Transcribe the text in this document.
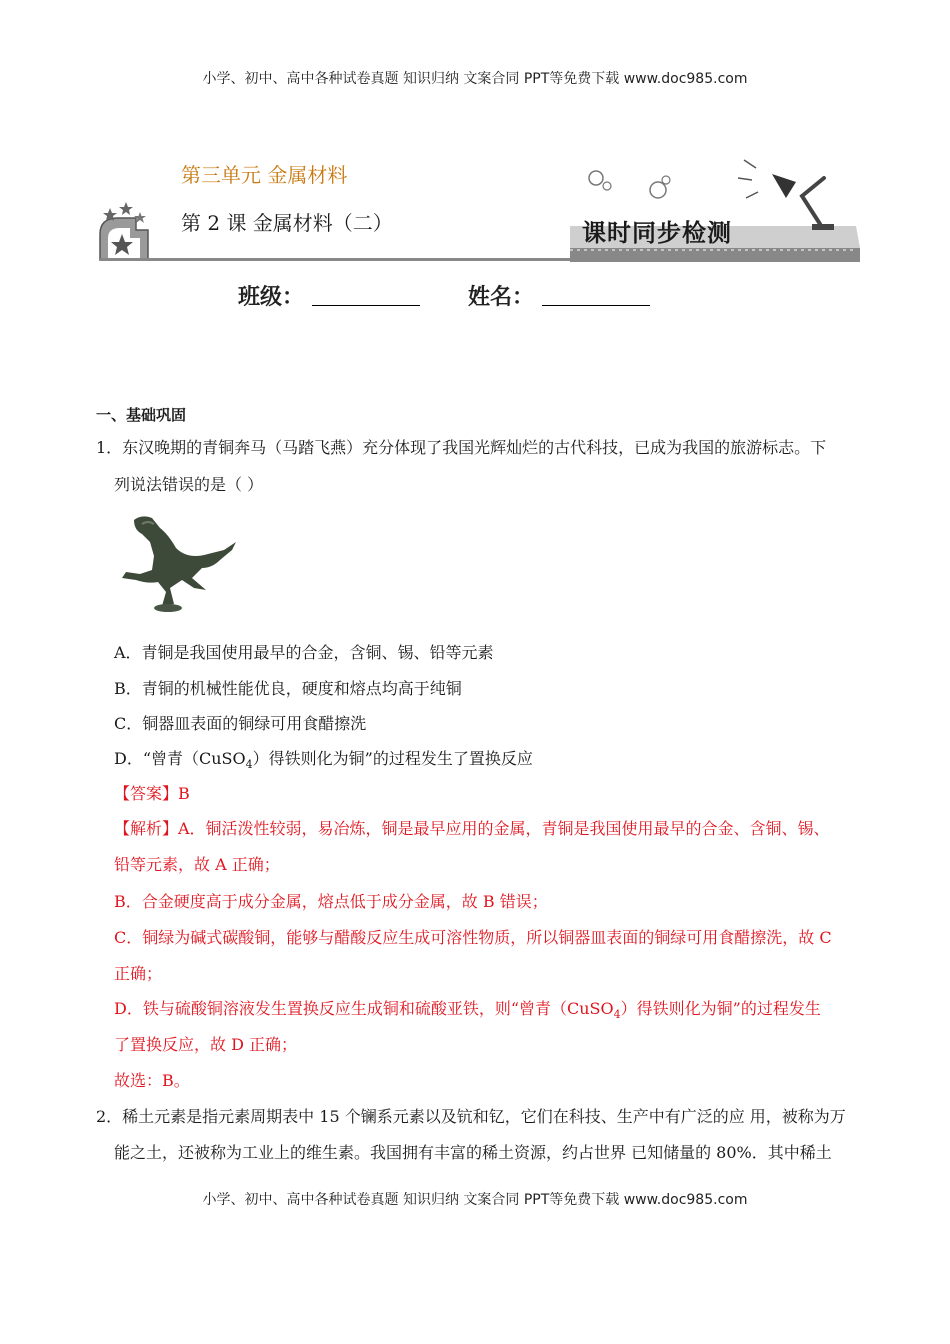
小学、初中、高中各种试卷真题 知识归纳 文案合同 PPT等免费下载 www.doc985.com
第三单元 金属材料
第 2 课 金属材料（二）	课时同步检测
班级：	姓名：
一、基础巩固
1．东汉晚期的青铜奔马（马踏飞燕）充分体现了我国光辉灿烂的古代科技，已成为我国的旅游标志。下
列说法错误的是（ ）
A．青铜是我国使用最早的合金，含铜、锡、铅等元素
B．青铜的机械性能优良，硬度和熔点均高于纯铜
C．铜器皿表面的铜绿可用食醋擦洗
D．“曾青（CuSO$_4$）得铁则化为铜”的过程发生了置换反应
【答案】B
【解析】A．铜活泼性较弱，易冶炼，铜是最早应用的金属，青铜是我国使用最早的合金、含铜、锡、
铅等元素，故 A 正确；
B．合金硬度高于成分金属，熔点低于成分金属，故 B 错误；
C．铜绿为碱式碳酸铜，能够与醋酸反应生成可溶性物质，所以铜器皿表面的铜绿可用食醋擦洗，故 C
正确；
D．铁与硫酸铜溶液发生置换反应生成铜和硫酸亚铁，则“曾青（CuSO$_4$）得铁则化为铜”的过程发生
了置换反应，故 D 正确；
故选：B。
2．稀土元素是指元素周期表中 15 个镧系元素以及钪和钇，它们在科技、生产中有广泛的应 用，被称为万
能之土，还被称为工业上的维生素。我国拥有丰富的稀土资源，约占世界 已知储量的 80%．其中稀土
小学、初中、高中各种试卷真题 知识归纳 文案合同 PPT等免费下载 www.doc985.com
